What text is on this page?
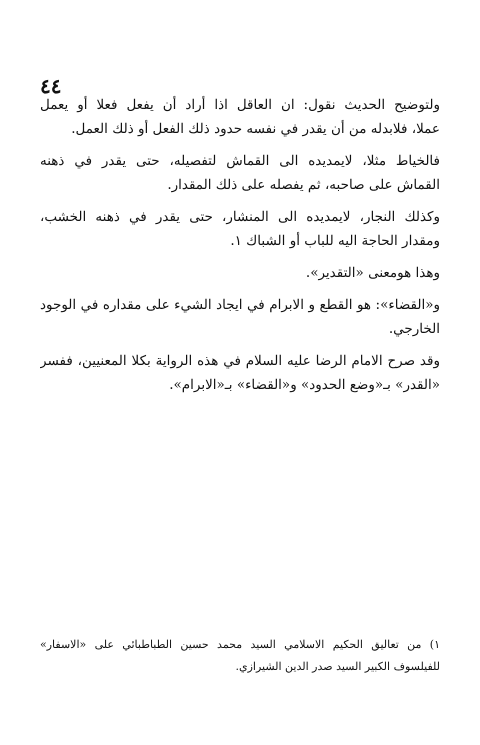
٤٤
ولتوضيح الحديث نقول: ان العاقل اذا أراد أن يفعل فعلا أو يعمل
عملا، فلابدله من أن يقدر في نفسه حدود ذلك الفعل أو ذلك العمل.
فالخياط مثلا، لايمديده الى القماش لتفصيله، حتى يقدر في ذهنه
القماش على صاحبه، ثم يفصله على ذلك المقدار.
وكذلك النجار، لايمديده الى المنشار، حتى يقدر في ذهنه الخشب،
ومقدار الحاجة اليه للباب أو الشباك ١.
وهذا هومعنى «التقدير».
و«القضاء»: هو القطع و الابرام في ايجاد الشيء على مقداره في الوجود
الخارجي.
وقد صرح الامام الرضا عليه السلام في هذه الرواية بكلا المعنيين، ففسر
«القدر» بـ«وضع الحدود» و«القضاء» بـ«الابرام».
١) من تعاليق الحكيم الاسلامي السيد محمد حسين الطباطبائي على «الاسفار»
للفيلسوف الكبير السيد صدر الدين الشيرازي.
